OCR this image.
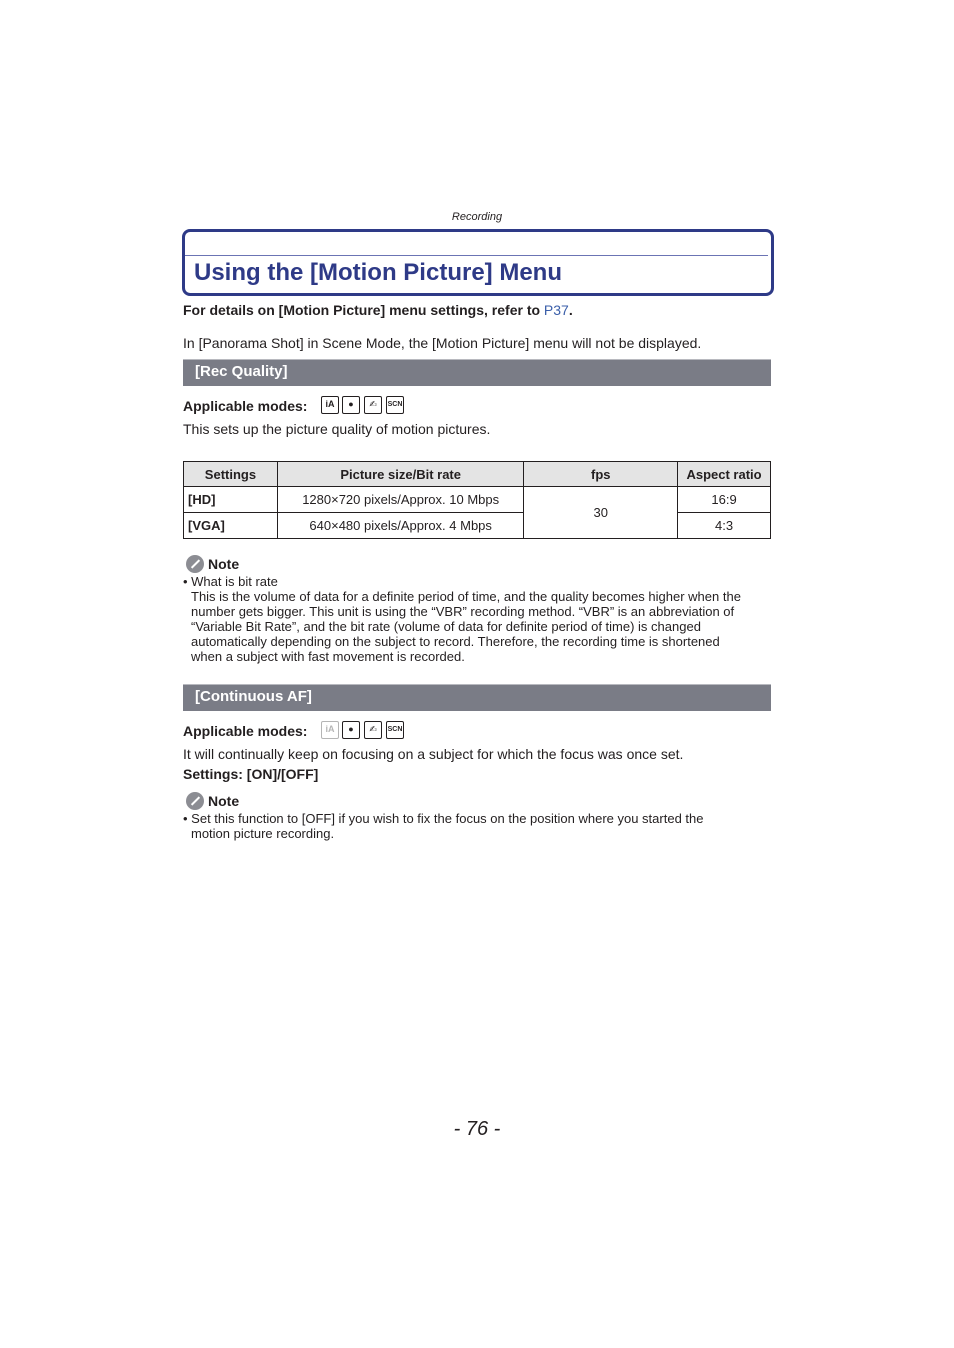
Recording
Using the [Motion Picture] Menu
For details on [Motion Picture] menu settings, refer to P37.
In [Panorama Shot] in Scene Mode, the [Motion Picture] menu will not be displayed.
[Rec Quality]
Applicable modes:	iA	●	✍	SCN
This sets up the picture quality of motion pictures.
Settings	Picture size/Bit rate	fps	Aspect ratio
[HD]	1280×720 pixels/Approx. 10 Mbps	30	16:9
[VGA]	640×480 pixels/Approx. 4 Mbps		4:3
Note
• What is bit rate
This is the volume of data for a definite period of time, and the quality becomes higher when the
number gets bigger. This unit is using the “VBR” recording method. “VBR” is an abbreviation of
“Variable Bit Rate”, and the bit rate (volume of data for definite period of time) is changed
automatically depending on the subject to record. Therefore, the recording time is shortened
when a subject with fast movement is recorded.
[Continuous AF]
Applicable modes:	iA	●	✍	SCN
It will continually keep on focusing on a subject for which the focus was once set.
Settings: [ON]/[OFF]
Note
• Set this function to [OFF] if you wish to fix the focus on the position where you started the
motion picture recording.
- 76 -
